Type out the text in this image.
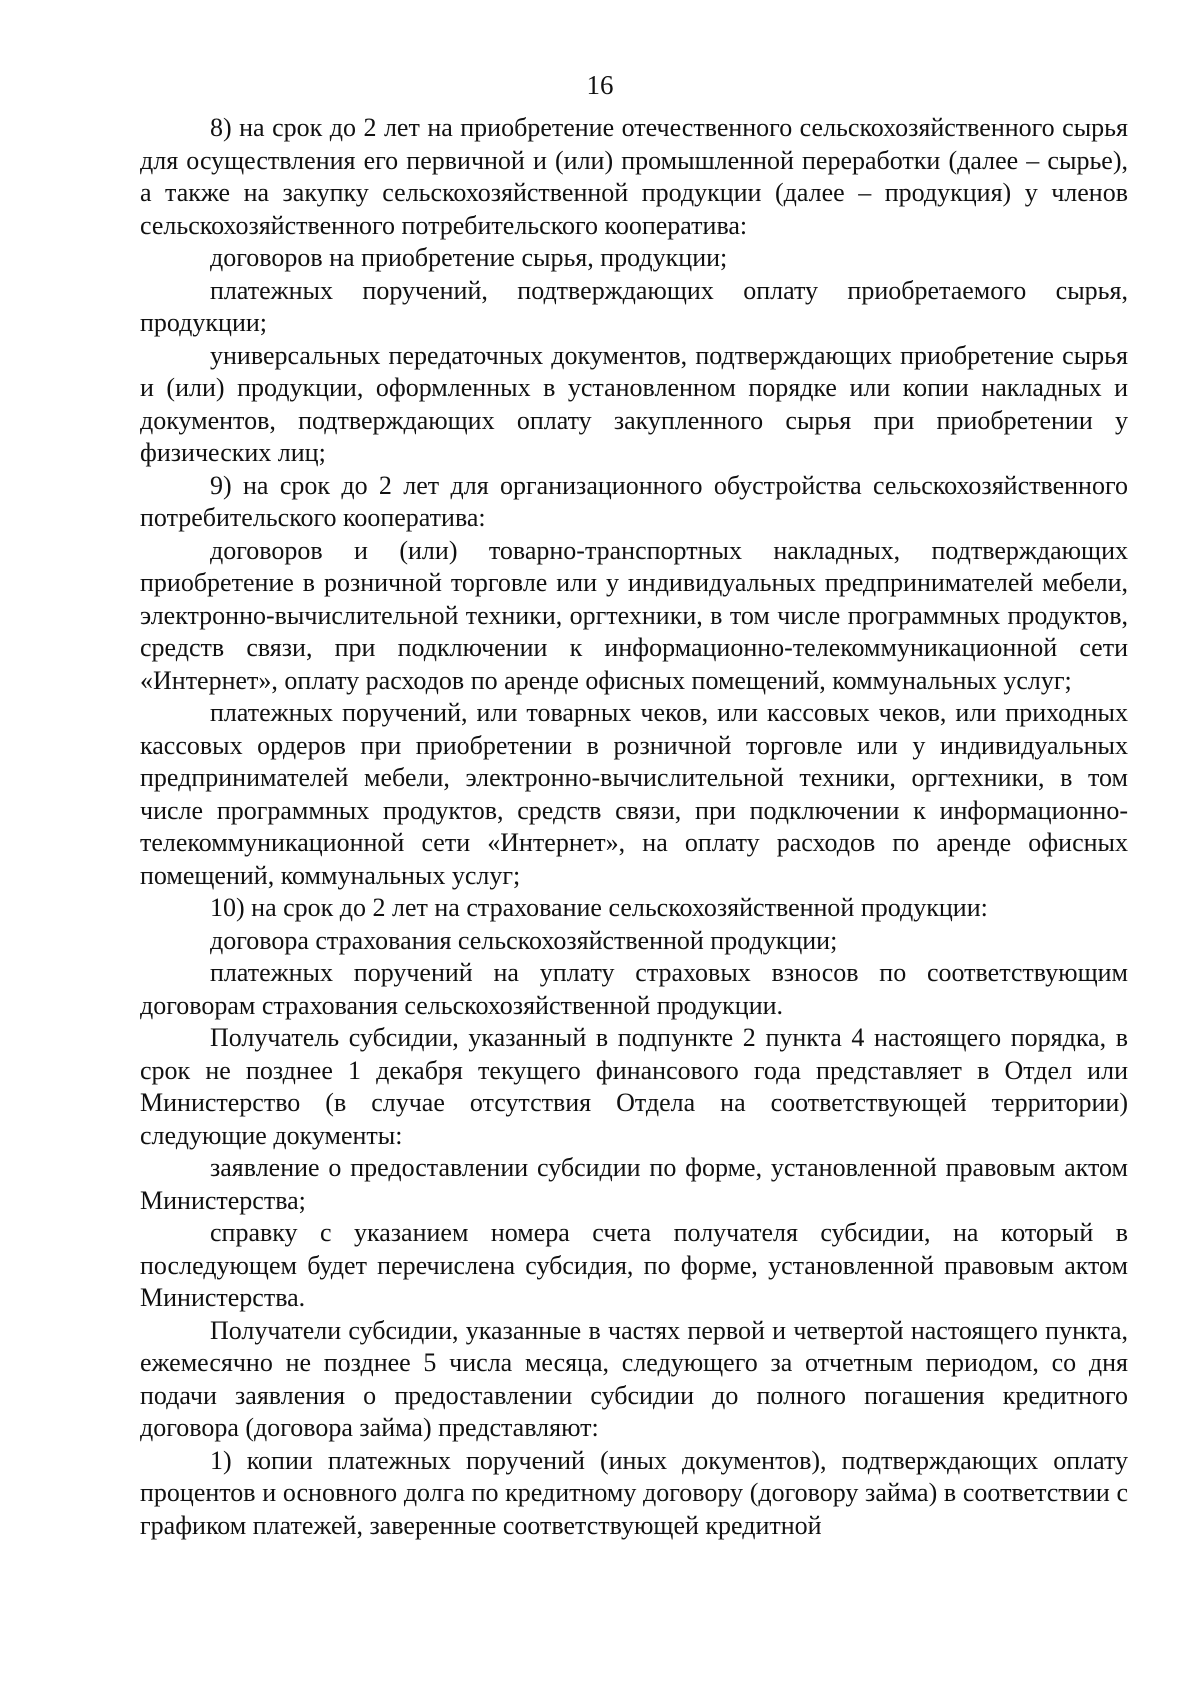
16

8) на срок до 2 лет на приобретение отечественного сельскохозяйственного сырья для осуществления его первичной и (или) промышленной переработки (далее – сырье), а также на закупку сельскохозяйственной продукции (далее – продукция) у членов сельскохозяйственного потребительского кооператива:

договоров на приобретение сырья, продукции;

платежных поручений, подтверждающих оплату приобретаемого сырья, продукции;

универсальных передаточных документов, подтверждающих приобретение сырья и (или) продукции, оформленных в установленном порядке или копии накладных и документов, подтверждающих оплату закупленного сырья при приобретении у физических лиц;

9) на срок до 2 лет для организационного обустройства сельскохозяйственного потребительского кооператива:

договоров и (или) товарно-транспортных накладных, подтверждающих приобретение в розничной торговле или у индивидуальных предпринимателей мебели, электронно-вычислительной техники, оргтехники, в том числе программных продуктов, средств связи, при подключении к информационно-телекоммуникационной сети «Интернет», оплату расходов по аренде офисных помещений, коммунальных услуг;

платежных поручений, или товарных чеков, или кассовых чеков, или приходных кассовых ордеров при приобретении в розничной торговле или у индивидуальных предпринимателей мебели, электронно-вычислительной техники, оргтехники, в том числе программных продуктов, средств связи, при подключении к информационно-телекоммуникационной сети «Интернет», на оплату расходов по аренде офисных помещений, коммунальных услуг;

10) на срок до 2 лет на страхование сельскохозяйственной продукции:

договора страхования сельскохозяйственной продукции;

платежных поручений на уплату страховых взносов по соответствующим договорам страхования сельскохозяйственной продукции.

Получатель субсидии, указанный в подпункте 2 пункта 4 настоящего порядка, в срок не позднее 1 декабря текущего финансового года представляет в Отдел или Министерство (в случае отсутствия Отдела на соответствующей территории) следующие документы:

заявление о предоставлении субсидии по форме, установленной правовым актом Министерства;

справку с указанием номера счета получателя субсидии, на который в последующем будет перечислена субсидия, по форме, установленной правовым актом Министерства.

Получатели субсидии, указанные в частях первой и четвертой настоящего пункта, ежемесячно не позднее 5 числа месяца, следующего за отчетным периодом, со дня подачи заявления о предоставлении субсидии до полного погашения кредитного договора (договора займа) представляют:

1) копии платежных поручений (иных документов), подтверждающих оплату процентов и основного долга по кредитному договору (договору займа) в соответствии с графиком платежей, заверенные соответствующей кредитной
